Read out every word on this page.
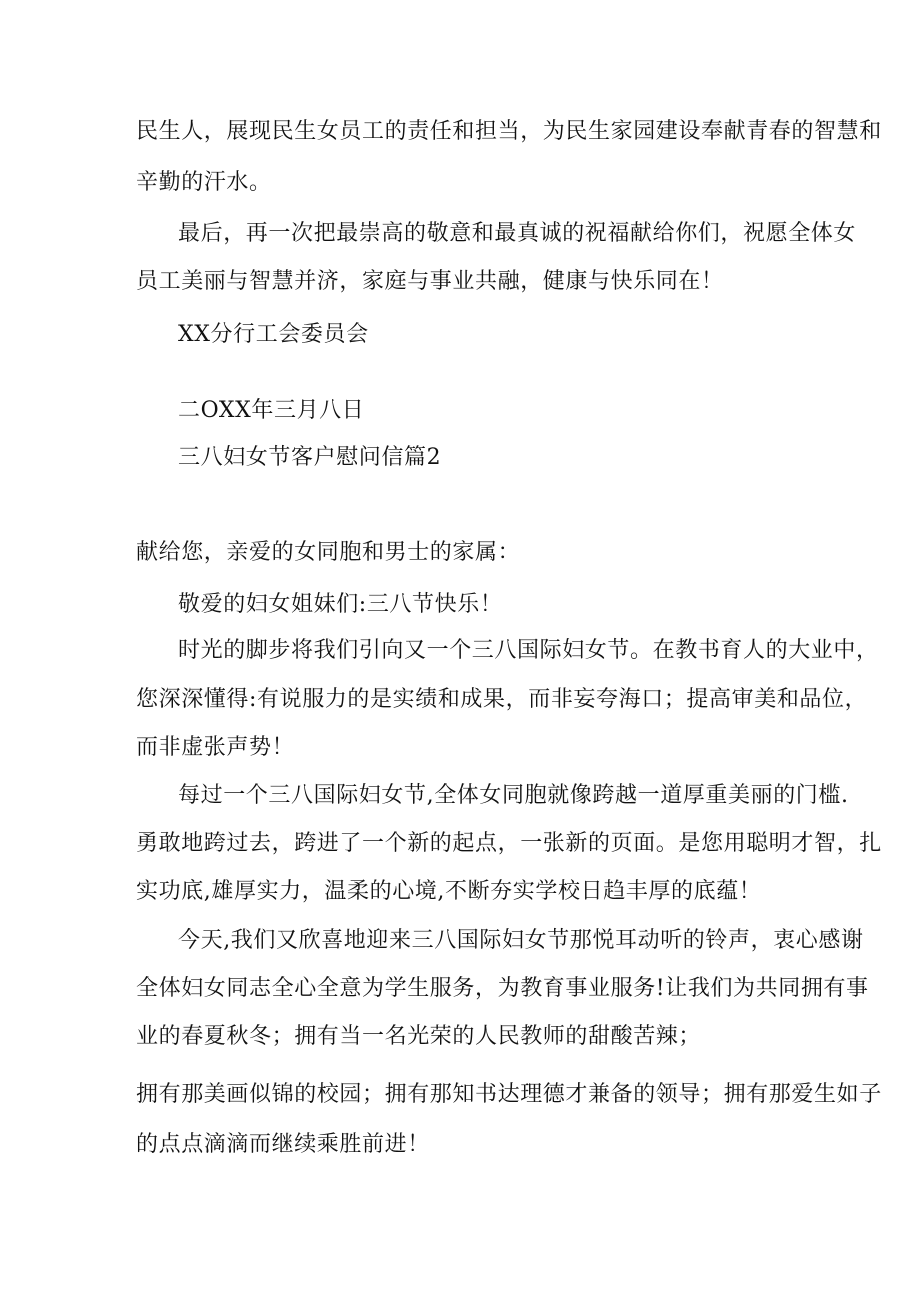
民生人，展现民生女员工的责任和担当，为民生家园建设奉献青春的智慧和
辛勤的汗水。
最后，再一次把最崇高的敬意和最真诚的祝福献给你们，祝愿全体女
员工美丽与智慧并济，家庭与事业共融，健康与快乐同在！
XX分行工会委员会
二OXX年三月八日
三八妇女节客户慰问信篇2
献给您，亲爱的女同胞和男士的家属：
敬爱的妇女姐妹们:三八节快乐！
时光的脚步将我们引向又一个三八国际妇女节。在教书育人的大业中，
您深深懂得:有说服力的是实绩和成果，而非妄夸海口；提高审美和品位，
而非虚张声势！
每过一个三八国际妇女节,全体女同胞就像跨越一道厚重美丽的门槛.
勇敢地跨过去，跨进了一个新的起点，一张新的页面。是您用聪明才智，扎
实功底,雄厚实力，温柔的心境,不断夯实学校日趋丰厚的底蕴！
今天,我们又欣喜地迎来三八国际妇女节那悦耳动听的铃声，衷心感谢
全体妇女同志全心全意为学生服务，为教育事业服务!让我们为共同拥有事
业的春夏秋冬；拥有当一名光荣的人民教师的甜酸苦辣；
拥有那美画似锦的校园；拥有那知书达理德才兼备的领导；拥有那爱生如子
的点点滴滴而继续乘胜前进！
